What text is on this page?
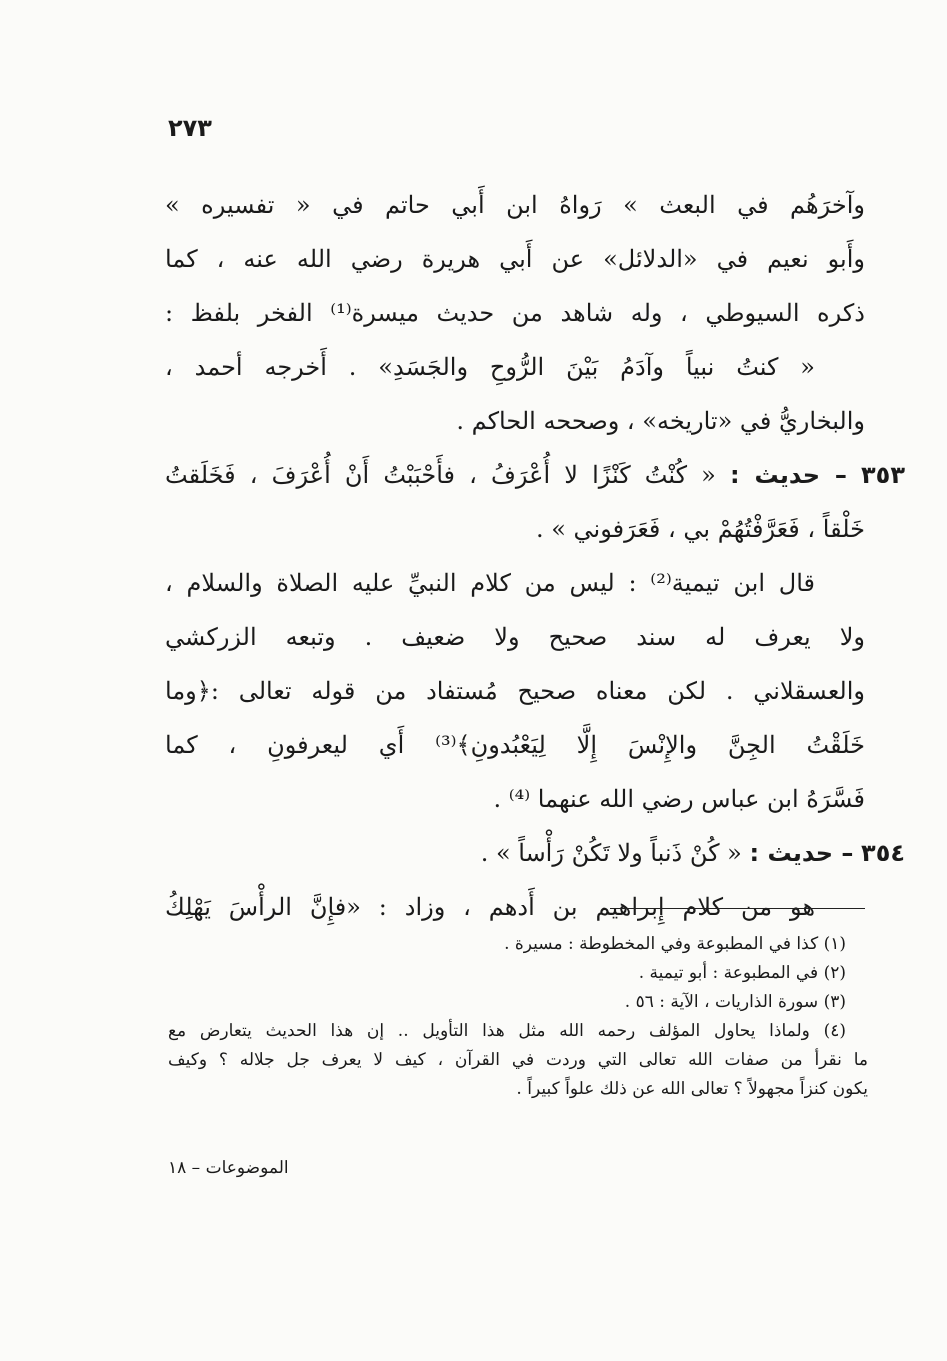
٢٧٣
وآخرَهُم في البعث » رَواهُ ابن أَبي حاتم في « تفسيره »
وأَبو نعيم في «الدلائل» عن أَبي هريرة رضي الله عنه ، كما
ذكره السيوطي ، وله شاهد من حديث ميسرة⁽¹⁾ الفخر بلفظ :
« كنتُ نبياً وآدَمُ بَيْنَ الرُّوحِ والجَسَدِ» . أَخرجه أحمد ،
والبخاريُّ في «تاريخه» ، وصححه الحاكم .
٣٥٣ – حديث : « كُنْتُ كَنْزًا لا أُعْرَفُ ، فأَحْبَبْتُ أَنْ أُعْرَفَ ، فَخَلَقتُ
خَلْقاً ، فَعَرَّفْتُهُمْ بي ، فَعَرَفوني » .
قال ابن تيمية⁽²⁾ : ليس من كلام النبيِّ عليه الصلاة والسلام ،
ولا يعرف له سند صحيح ولا ضعيف . وتبعه الزركشي
والعسقلاني . لكن معناه صحيح مُستفاد من قوله تعالى :﴿وما
خَلَقْتُ الجِنَّ والإِنْسَ إِلَّا لِيَعْبُدونِ﴾⁽³⁾ أَي ليعرفونِ ، كما
فَسَّرَهُ ابن عباس رضي الله عنهما ⁽⁴⁾ .
٣٥٤ – حديث : « كُنْ ذَنباً ولا تَكُنْ رَأْساً » .
هو من كلام إِبراهيم بن أَدهم ، وزاد : «فإِنَّ الرأْسَ يَهْلِكُ
(١) كذا في المطبوعة وفي المخطوطة : مسيرة .
(٢) في المطبوعة : أبو تيمية .
(٣) سورة الذاريات ، الآية : ٥٦ .
(٤) ولماذا يحاول المؤلف رحمه الله مثل هذا التأويل .. إن هذا الحديث يتعارض مع
ما نقرأ من صفات الله تعالى التي وردت في القرآن ، كيف لا يعرف جل جلاله ؟ وكيف
يكون كنزاً مجهولاً ؟ تعالى الله عن ذلك علواً كبيراً .
الموضوعات – ١٨
